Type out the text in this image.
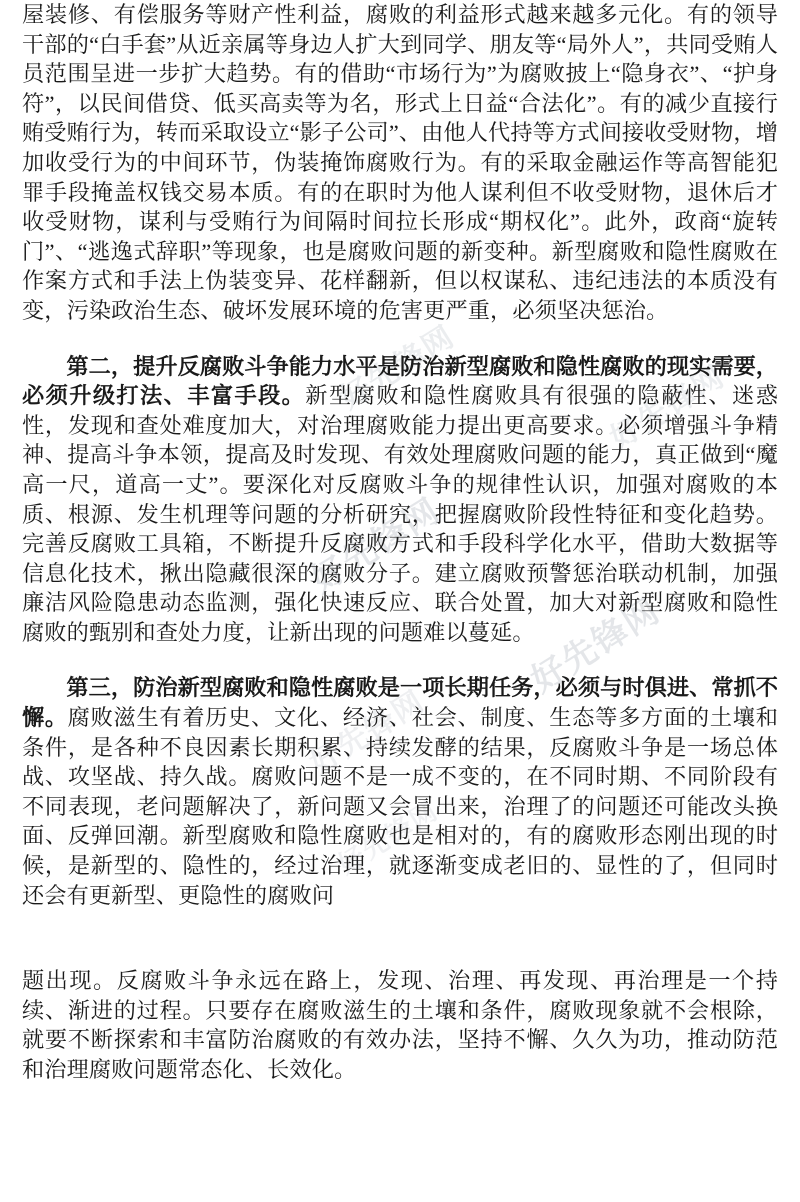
好先锋网
好先锋网
好先锋网	好先锋网
好先锋网
好先锋网

屋装修、有偿服务等财产性利益，腐败的利益形式越来越多元化。有的领导干部的“白手套”从近亲属等身边人扩大到同学、朋友等“局外人”，共同受贿人员范围呈进一步扩大趋势。有的借助“市场行为”为腐败披上“隐身衣”、“护身符”，以民间借贷、低买高卖等为名，形式上日益“合法化”。有的减少直接行贿受贿行为，转而采取设立“影子公司”、由他人代持等方式间接收受财物，增加收受行为的中间环节，伪装掩饰腐败行为。有的采取金融运作等高智能犯罪手段掩盖权钱交易本质。有的在职时为他人谋利但不收受财物，退休后才收受财物，谋利与受贿行为间隔时间拉长形成“期权化”。此外，政商“旋转门”、“逃逸式辞职”等现象，也是腐败问题的新变种。新型腐败和隐性腐败在作案方式和手法上伪装变异、花样翻新，但以权谋私、违纪违法的本质没有变，污染政治生态、破坏发展环境的危害更严重，必须坚决惩治。

第二，提升反腐败斗争能力水平是防治新型腐败和隐性腐败的现实需要，必须升级打法、丰富手段。新型腐败和隐性腐败具有很强的隐蔽性、迷惑性，发现和查处难度加大，对治理腐败能力提出更高要求。必须增强斗争精神、提高斗争本领，提高及时发现、有效处理腐败问题的能力，真正做到“魔高一尺，道高一丈”。要深化对反腐败斗争的规律性认识，加强对腐败的本质、根源、发生机理等问题的分析研究，把握腐败阶段性特征和变化趋势。完善反腐败工具箱，不断提升反腐败方式和手段科学化水平，借助大数据等信息化技术，揪出隐藏很深的腐败分子。建立腐败预警惩治联动机制，加强廉洁风险隐患动态监测，强化快速反应、联合处置，加大对新型腐败和隐性腐败的甄别和查处力度，让新出现的问题难以蔓延。

第三，防治新型腐败和隐性腐败是一项长期任务，必须与时俱进、常抓不懈。腐败滋生有着历史、文化、经济、社会、制度、生态等多方面的土壤和条件，是各种不良因素长期积累、持续发酵的结果，反腐败斗争是一场总体战、攻坚战、持久战。腐败问题不是一成不变的，在不同时期、不同阶段有不同表现，老问题解决了，新问题又会冒出来，治理了的问题还可能改头换面、反弹回潮。新型腐败和隐性腐败也是相对的，有的腐败形态刚出现的时候，是新型的、隐性的，经过治理，就逐渐变成老旧的、显性的了，但同时还会有更新型、更隐性的腐败问

题出现。反腐败斗争永远在路上，发现、治理、再发现、再治理是一个持续、渐进的过程。只要存在腐败滋生的土壤和条件，腐败现象就不会根除，就要不断探索和丰富防治腐败的有效办法，坚持不懈、久久为功，推动防范和治理腐败问题常态化、长效化。
